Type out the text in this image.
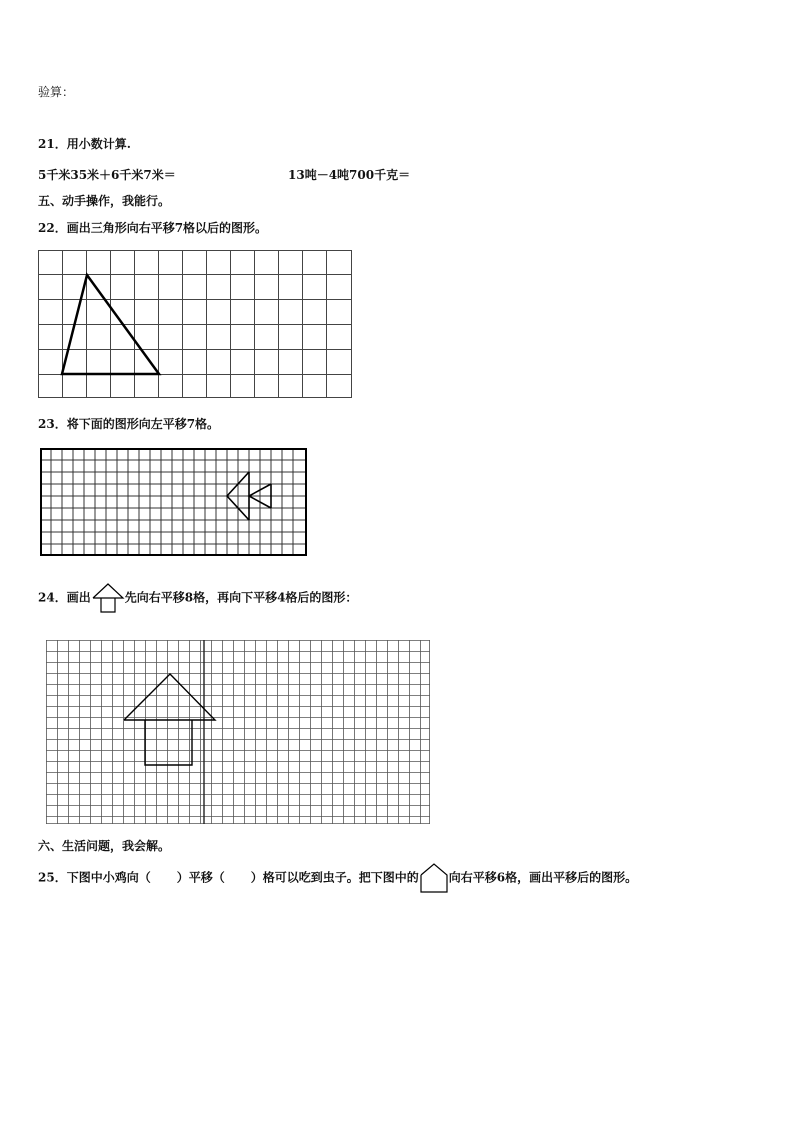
验算：
21．用小数计算.
5千米35米＋6千米7米＝	13吨－4吨700千克＝
五、动手操作，我能行。
22．画出三角形向右平移7格以后的图形。
23．将下面的图形向左平移7格。
24．画出	先向右平移8格，再向下平移4格后的图形：
六、生活问题，我会解。
25．下图中小鸡向（ ）平移（ ）格可以吃到虫子。把下图中的	向右平移6格，画出平移后的图形。
